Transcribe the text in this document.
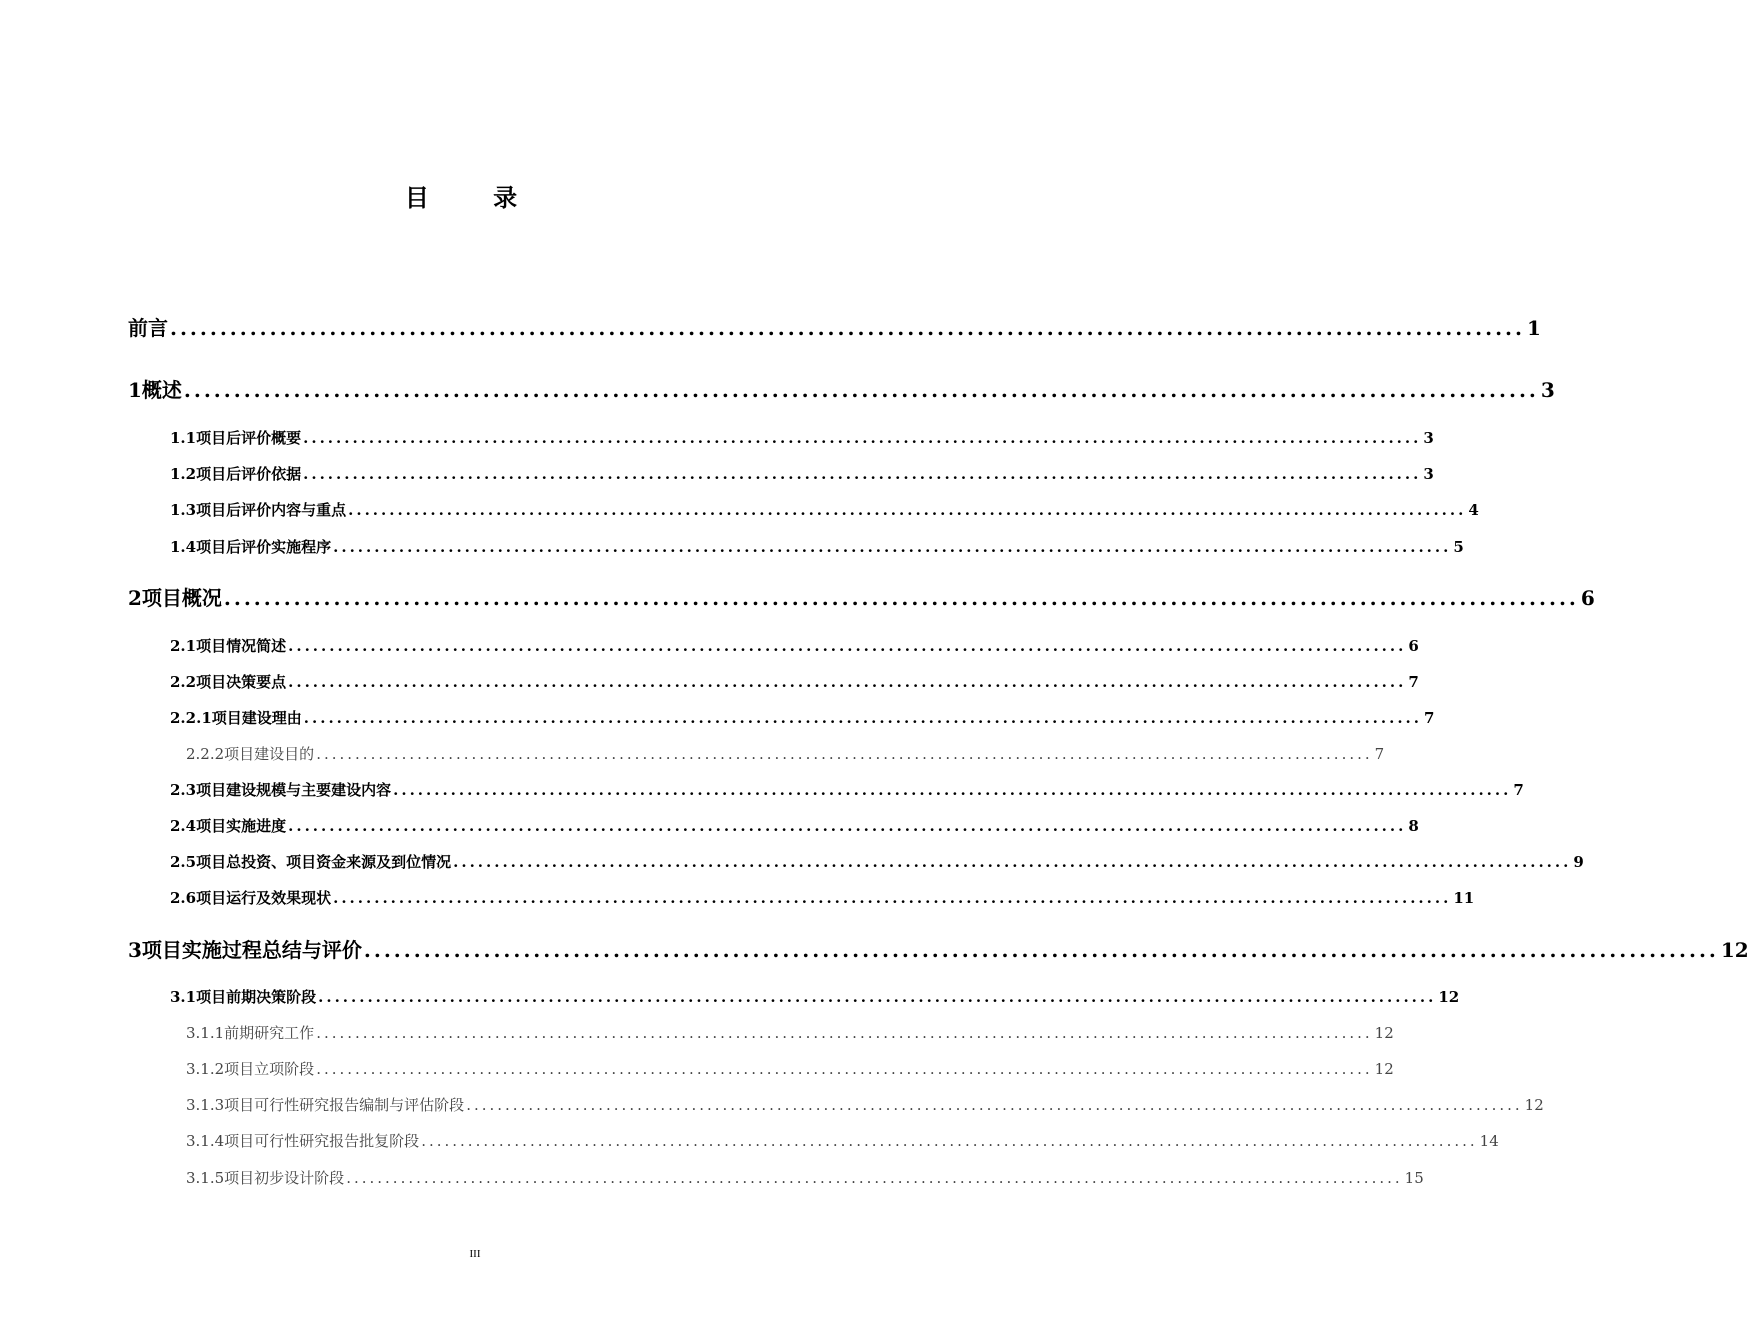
目 录
前言 ........................................................................................................................................ 1
1 概述 ........................................................................................................................................ 3
1.1 项目后评价概要 ........................................................................................................................................ 3
1.2 项目后评价依据 ........................................................................................................................................ 3
1.3 项目后评价内容与重点 ........................................................................................................................................ 4
1.4 项目后评价实施程序 ........................................................................................................................................ 5
2 项目概况 ........................................................................................................................................ 6
2.1 项目情况简述 ........................................................................................................................................ 6
2.2 项目决策要点 ........................................................................................................................................ 7
2.2.1 项目建设理由 ........................................................................................................................................ 7
2.2.2 项目建设目的 ........................................................................................................................................ 7
2.3 项目建设规模与主要建设内容 ........................................................................................................................................ 7
2.4 项目实施进度 ........................................................................................................................................ 8
2.5 项目总投资、项目资金来源及到位情况 ........................................................................................................................................ 9
2.6项目运行及效果现状 ........................................................................................................................................ 11
3 项目实施过程总结与评价 ........................................................................................................................................ 12
3.1 项目前期决策阶段 ........................................................................................................................................ 12
3.1.1 前期研究工作 ........................................................................................................................................ 12
3.1.2 项目立项阶段 ........................................................................................................................................ 12
3.1.3 项目可行性研究报告编制与评估阶段 ........................................................................................................................................ 12
3.1.4 项目可行性研究报告批复阶段 ........................................................................................................................................ 14
3.1.5 项目初步设计阶段 ........................................................................................................................................ 15
III
